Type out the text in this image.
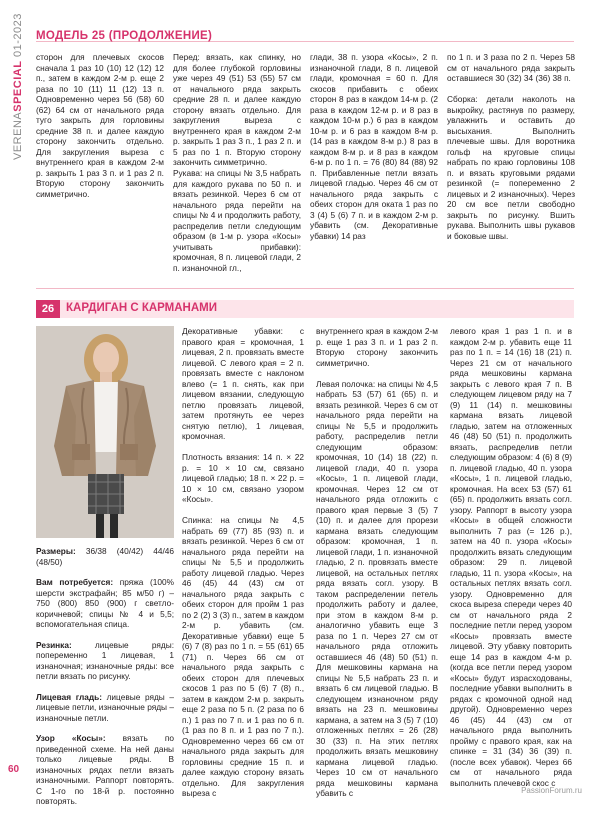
VERENASPECIAL 01-2023 МОДЕЛЬ 25 (ПРОДОЛЖЕНИЕ)
сторон для плечевых скосов сначала 1 раз 10 (10) 12 (12) 12 п., затем в каждом 2-м р. еще 2 раза по 10 (11) 11 (12) 13 п. Одновременно через 56 (58) 60 (62) 64 см от начального ряда тугo закрыть для горловины средние 38 п. и далее каждую сторону закончить отдельно. Для закругления выреза с внутреннего края в каждом 2-м р. закрыть 1 раз 3 п. и 1 раз 2 п. Вторую сторону закончить симметрично.
Перед: вязать, как спинку, но для более глубокой горловины уже через 49 (51) 53 (55) 57 см от начального ряда закрыть средние 28 п. и далее каждую сторону вязать отдельно. Для закругления выреза с внутреннего края в каждом 2-м р. закрыть 1 раз 3 п., 1 раз 2 п. и 5 раз по 1 п. Вторую сторону закончить симметрично.
глади, 38 п. узора «Косы», 2 п. изнаночной глади, 8 п. лицевой глади, кромочная = 60 п. Для скосов прибавить с обеих сторон 8 раз в каждом 14-м р. (2 раза в каждом 12-м р. и 8 раз в каждом 10-м р.) 6 раз в каждом 10-м р. и 6 раз в каждом 8-м р. (14 раз в каждом 8-м р.) 8 раз в каждом 8-м р. и 8 раз в каждом 6-м р. по 1 п. = 76 (80) 84 (88) 92 п. Прибавленные петли вязать лицевой гладью. Через 46 см от начального ряда закрыть с обеих сторон для оката 1 раз по 3 (4) 5 (6) 7 п. и в каждом 2-м р. убавить (см. Декоративные убавки) 14 раз
по 1 п. и 3 раза по 2 п. Через 58 см от начального ряда закрыть оставшиеся 30 (32) 34 (36) 38 п.

Сборка: детали наколоть на выкройку, растянув по размеру, увлажнить и оставить до высыхания. Выполнить плечевые швы. Для воротника гольф на круговые спицы набрать по краю горловины 108 п. и вязать круговыми рядами резинкой (= попеременно 2 лицевых и 2 изнаночных). Через 20 см все петли свободно закрыть по рисунку. Вшить рукава. Выполнить швы рукавов и боковые швы.
Рукава: на спицы № 3,5 набрать для каждого рукава по 50 п. и вязать резинкой. Через 6 см от начального ряда перейти на спицы № 4 и продолжить работу, распределив петли следующим образом (в 1-м р. узора «Косы» учитывать прибавки): кромочная, 8 п. лицевой глади, 2 п. изнаночной гл.,
26	КАРДИГАН С КАРМАНАМИ

Размеры: 36/38 (40/42) 44/46 (48/50)

Вам потребуется: пряжа (100% шерсти экстрафайн; 85 м/50 г) – 750 (800) 850 (900) г светло-коричневой; спицы № 4 и 5,5; вспомогательная спица.

Резинка: лицевые ряды: попеременно 1 лицевая, 1 изнаночная; изнаночные ряды: все петли вязать по рисунку.

Лицевая гладь: лицевые ряды – лицевые петли, изнаночные ряды – изнаночные петли.

Узор «Косы»: вязать по приведенной схеме. На ней даны только лицевые ряды. В изнаночных рядах петли вязать изнаночными. Раппорт повторять. С 1-го по 18-й р. постоянно повторять.

Декоративные убавки: с правого края = кромочная, 1 лицевая, 2 п. провязать вместе лицевой. С левого края = 2 п. провязать вместе с наклоном влево (= 1 п. снять, как при лицевом вязании, следующую петлю провязать лицевой, затем протянуть ее через снятую петлю), 1 лицевая, кромочная.

Плотность вязания: 14 п. × 22 р. = 10 × 10 см, связано лицевой гладью; 18 п. × 22 р. = 10 × 10 см, связано узором «Косы».

Спинка: на спицы № 4,5 набрать 69 (77) 85 (93) п. и вязать резинкой. Через 6 см от начального ряда перейти на спицы № 5,5 и продолжить работу лицевой гладью. Через 46 (45) 44 (43) см от начального ряда закрыть с обеих сторон для пройм 1 раз по 2 (2) 3 (3) п., затем в каждом 2-м р. убавить (см. Декоративные убавки) еще 5 (6) 7 (8) раз по 1 п. = 55 (61) 65 (71) п. Через 66 см от начального ряда закрыть с обеих сторон для плечевых скосов 1 раз по 5 (6) 7 (8) п., затем в каждом 2-м р. закрыть еще 2 раза по 5 п. (2 раза по 6 п.) 1 раз по 7 п. и 1 раз по 6 п. (1 раз по 8 п. и 1 раз по 7 п.). Одновременно через 66 см от начального ряда закрыть для горловины средние 15 п. и далее каждую сторону вязать отдельно. Для закругления выреза с
внутреннего края в каждом 2-м р. еще 1 раз 3 п. и 1 раз 2 п. Вторую сторону закончить симметрично.

Левая полочка: на спицы № 4,5 набрать 53 (57) 61 (65) п. и вязать резинкой. Через 6 см от начального ряда перейти на спицы № 5,5 и продолжить работу, распределив петли следующим образом: кромочная, 10 (14) 18 (22) п. лицевой глади, 40 п. узора «Косы», 1 п. лицевой глади, кромочная. Через 12 см от начального ряда отложить с правого края первые 3 (5) 7 (10) п. и далее для прорези кармана вязать следующим образом: кромочная, 1 п. лицевой глади, 1 п. изнаночной гладью, 2 п. провязать вместе лицевой, на остальных петлях ряда вязать согл. узору. В таком распределении петель продолжить работу и далее, при этом в каждом 8-м р. аналогично убавить еще 3 раза по 1 п. Через 27 см от начального ряда отложить оставшиеся 46 (48) 50 (51) п. Для мешковины кармана на спицы № 5,5 набрать 23 п. и вязать 6 см лицевой гладью. В следующем изнаночном ряду вязать на 23 п. мешковины кармана, а затем на 3 (5) 7 (10) отложенных петлях = 26 (28) 30 (33) п. На этих петлях продолжить вязать мешковину кармана лицевой гладью. Через 10 см от начального ряда мешковины кармана убавить с
левого края 1 раз 1 п. и в каждом 2-м р. убавить еще 11 раз по 1 п. = 14 (16) 18 (21) п. Через 21 см от начального ряда мешковины кармана закрыть с левого края 7 п. В следующем лицевом ряду на 7 (9) 11 (14) п. мешковины кармана вязать лицевой гладью, затем на отложенных 46 (48) 50 (51) п. продолжить вязать, распределив петли следующим образом: 4 (6) 8 (9) п. лицевой гладью, 40 п. узора «Косы», 1 п. лицевой гладью, кромочная. На всех 53 (57) 61 (65) п. продолжить вязать согл. узору. Раппорт в высоту узора «Косы» в общей сложности выполнить 7 раз (= 126 р.), затем на 40 п. узора «Косы» продолжить вязать следующим образом: 29 п. лицевой гладью, 11 п. узора «Косы», на остальных петлях вязать согл. узору. Одновременно для скоса выреза спереди через 40 см от начального ряда 2 последние петли перед узором «Косы» провязать вместе лицевой. Эту убавку повторить еще 14 раз в каждом 4-м р. (когда все петли перед узором «Косы» будут израсходованы, последние убавки выполнить в рядах с кромочной одной над другой). Одновременно через 46 (45) 44 (43) см от начального ряда выполнить пройму с правого края, как на спинке = 31 (34) 36 (39) п. (после всех убавок). Через 66 см от начального ряда выполнить плечевой скос с
60
PassionForum.ru
